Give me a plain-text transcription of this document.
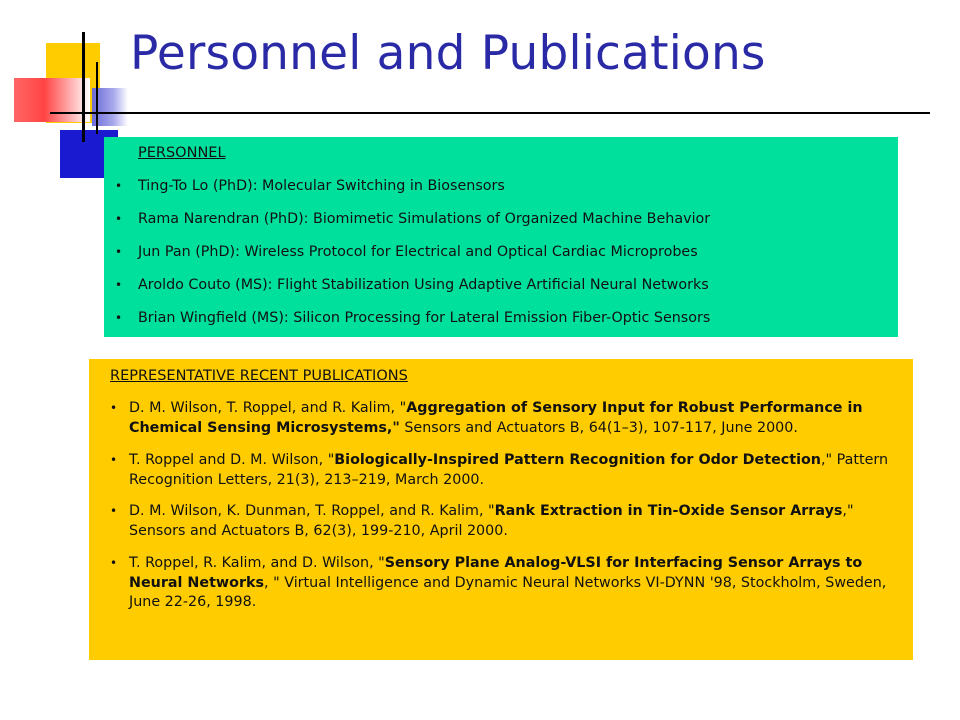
Personnel and Publications

PERSONNEL

• Ting-To Lo (PhD): Molecular Switching in Biosensors
• Rama Narendran (PhD): Biomimetic Simulations of Organized Machine Behavior
• Jun Pan (PhD): Wireless Protocol for Electrical and Optical Cardiac Microprobes
• Aroldo Couto (MS): Flight Stabilization Using Adaptive Artificial Neural Networks
• Brian Wingfield (MS): Silicon Processing for Lateral Emission Fiber-Optic Sensors

REPRESENTATIVE RECENT PUBLICATIONS

• D. M. Wilson, T. Roppel, and R. Kalim, "Aggregation of Sensory Input for Robust Performance in Chemical Sensing Microsystems," Sensors and Actuators B, 64(1–3), 107-117, June 2000.
• T. Roppel and D. M. Wilson, "Biologically-Inspired Pattern Recognition for Odor Detection," Pattern Recognition Letters, 21(3), 213–219, March 2000.
• D. M. Wilson, K. Dunman, T. Roppel, and R. Kalim, "Rank Extraction in Tin-Oxide Sensor Arrays," Sensors and Actuators B, 62(3), 199-210, April 2000.
• T. Roppel, R. Kalim, and D. Wilson, "Sensory Plane Analog-VLSI for Interfacing Sensor Arrays to Neural Networks, " Virtual Intelligence and Dynamic Neural Networks VI-DYNN '98, Stockholm, Sweden, June 22-26, 1998.
